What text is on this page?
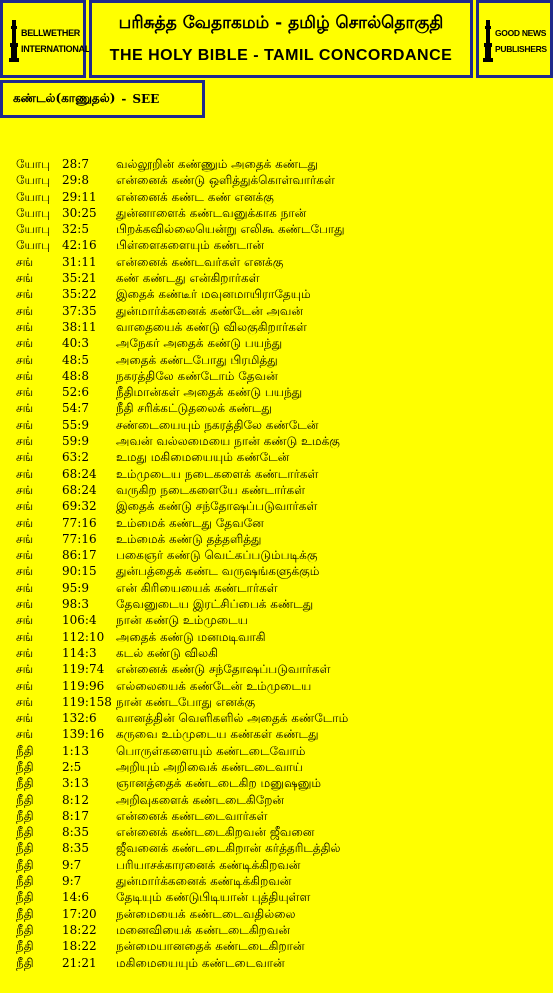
BELLWETHER
INTERNATIONAL
பரிசுத்த வேதாகமம் - தமிழ் சொல்தொகுதி
THE HOLY BIBLE - TAMIL CONCORDANCE
GOOD NEWS
PUBLISHERS
கண்டல்(காணுதல்) - SEE
யோபு 28:7	வல்லூறின் கண்ணும் அதைக் கண்டது
யோபு 29:8	என்னைக் கண்டு ஒளித்துக்கொள்வார்கள்
யோபு 29:11	என்னைக் கண்ட கண் எனக்கு
யோபு 30:25	துன்னாளைக் கண்டவனுக்காக நான்
யோபு 32:5	பிறக்கவில்லையென்று எலிகூ கண்டபோது
யோபு 42:16	பிள்ளைகளையும் கண்டான்
சங்	31:11	என்னைக் கண்டவர்கள் எனக்கு
சங்	35:21	கண் கண்டது என்கிறார்கள்
சங்	35:22	இதைக் கண்டீர் மவுனமாயிராதேயும்
சங்	37:35	துன்மார்க்கனைக் கண்டேன் அவன்
சங்	38:11	வாதையைக் கண்டு விலகுகிறார்கள்
சங்	40:3	அநேகர் அதைக் கண்டு பயந்து
சங்	48:5	அதைக் கண்டபோது பிரமித்து
சங்	48:8	நகரத்திலே கண்டோம் தேவன்
சங்	52:6	நீதிமான்கள் அதைக் கண்டு பயந்து
சங்	54:7	நீதி சரிக்கட்டுதலைக் கண்டது
சங்	55:9	சண்டையையும் நகரத்திலே கண்டேன்
சங்	59:9	அவன் வல்லமையை நான் கண்டு உமக்கு
சங்	63:2	உமது மகிமையையும் கண்டேன்
சங்	68:24	உம்முடைய நடைகளைக் கண்டார்கள்
சங்	68:24	வருகிற நடைகளையே கண்டார்கள்
சங்	69:32	இதைக் கண்டு சந்தோஷப்படுவார்கள்
சங்	77:16	உம்மைக் கண்டது தேவனே
சங்	77:16	உம்மைக் கண்டு தத்தளித்து
சங்	86:17	பகைஞர் கண்டு வெட்கப்படும்படிக்கு
சங்	90:15	துன்பத்தைக் கண்ட வருஷங்களுக்கும்
சங்	95:9	என் கிரியையைக் கண்டார்கள்
சங்	98:3	தேவனுடைய இரட்சிப்பைக் கண்டது
சங்	106:4	நான் கண்டு உம்முடைய
சங்	112:10 அதைக் கண்டு மனமடிவாகி
சங்	114:3	கடல் கண்டு விலகி
சங்	119:74 என்னைக் கண்டு சந்தோஷப்படுவார்கள்
சங்	119:96 எல்லையைக் கண்டேன் உம்முடைய
சங்	119:158 நான் கண்டபோது எனக்கு
சங்	132:6	வானத்தின் வெளிகளில் அதைக் கண்டோம்
சங்	139:16 கருவை உம்முடைய கண்கள் கண்டது
நீதி	1:13	பொருள்களையும் கண்டடைவோம்
நீதி	2:5	அறியும் அறிவைக் கண்டடைவாய்
நீதி	3:13	ஞானத்தைக் கண்டடைகிற மனுஷனும்
நீதி	8:12	அறிவுகளைக் கண்டடைகிறேன்
நீதி	8:17	என்னைக் கண்டடைவார்கள்
நீதி	8:35	என்னைக் கண்டடைகிறவன் ஜீவனை
நீதி	8:35	ஜீவனைக் கண்டடைகிறான் கர்த்தரிடத்தில்
நீதி	9:7	பரியாசக்காரனைக் கண்டிக்கிறவன்
நீதி	9:7	துன்மார்க்கனைக் கண்டிக்கிறவன்
நீதி	14:6	தேடியும் கண்டுபிடியான் புத்தியுள்ள
நீதி	17:20	நன்மையைக் கண்டடைவதில்லை
நீதி	18:22	மனைவியைக் கண்டடைகிறவன்
நீதி	18:22	நன்மையானதைக் கண்டடைகிறான்
நீதி	21:21	மகிமையையும் கண்டடைவான்
